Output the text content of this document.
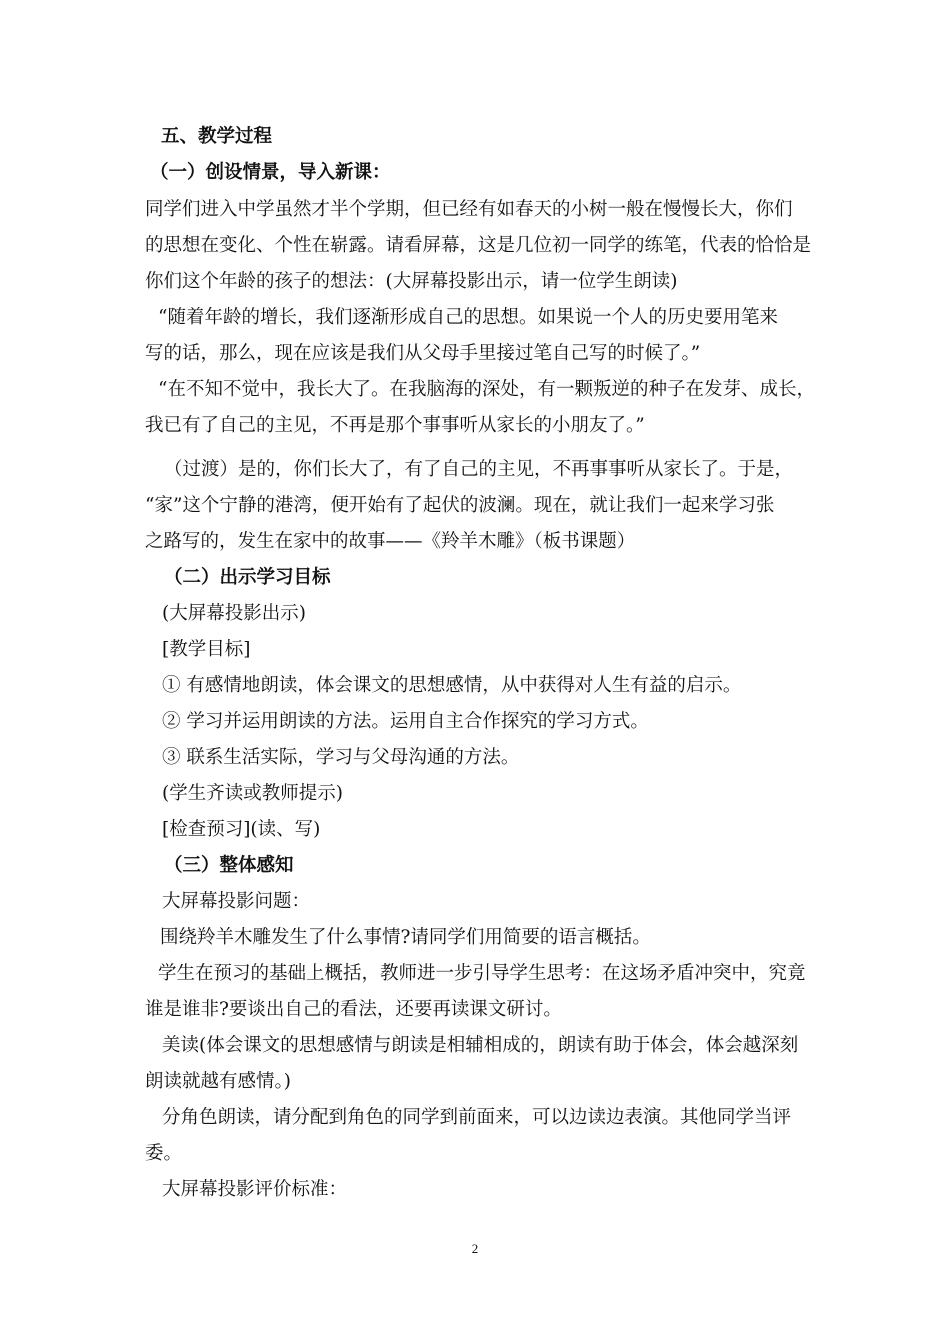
五、教学过程
（一）创设情景，导入新课：
同学们进入中学虽然才半个学期，但已经有如春天的小树一般在慢慢长大，你们
的思想在变化、个性在崭露。请看屏幕，这是几位初一同学的练笔，代表的恰恰是
你们这个年龄的孩子的想法：(大屏幕投影出示，请一位学生朗读)
“随着年龄的增长，我们逐渐形成自己的思想。如果说一个人的历史要用笔来
写的话，那么，现在应该是我们从父母手里接过笔自己写的时候了。”
“在不知不觉中，我长大了。在我脑海的深处，有一颗叛逆的种子在发芽、成长，
我已有了自己的主见，不再是那个事事听从家长的小朋友了。”
（过渡）是的，你们长大了，有了自己的主见，不再事事听从家长了。于是，
“家”这个宁静的港湾，便开始有了起伏的波澜。现在，就让我们一起来学习张
之路写的，发生在家中的故事——《羚羊木雕》（板书课题）
（二）出示学习目标
(大屏幕投影出示)
[教学目标]
① 有感情地朗读，体会课文的思想感情，从中获得对人生有益的启示。
② 学习并运用朗读的方法。运用自主合作探究的学习方式。
③ 联系生活实际，学习与父母沟通的方法。
(学生齐读或教师提示)
[检查预习](读、写)
（三）整体感知
大屏幕投影问题：
围绕羚羊木雕发生了什么事情?请同学们用简要的语言概括。
学生在预习的基础上概括，教师进一步引导学生思考：在这场矛盾冲突中，究竟
谁是谁非?要谈出自己的看法，还要再读课文研讨。
美读(体会课文的思想感情与朗读是相辅相成的，朗读有助于体会，体会越深刻
朗读就越有感情。)
分角色朗读，请分配到角色的同学到前面来，可以边读边表演。其他同学当评
委。
大屏幕投影评价标准：
2
